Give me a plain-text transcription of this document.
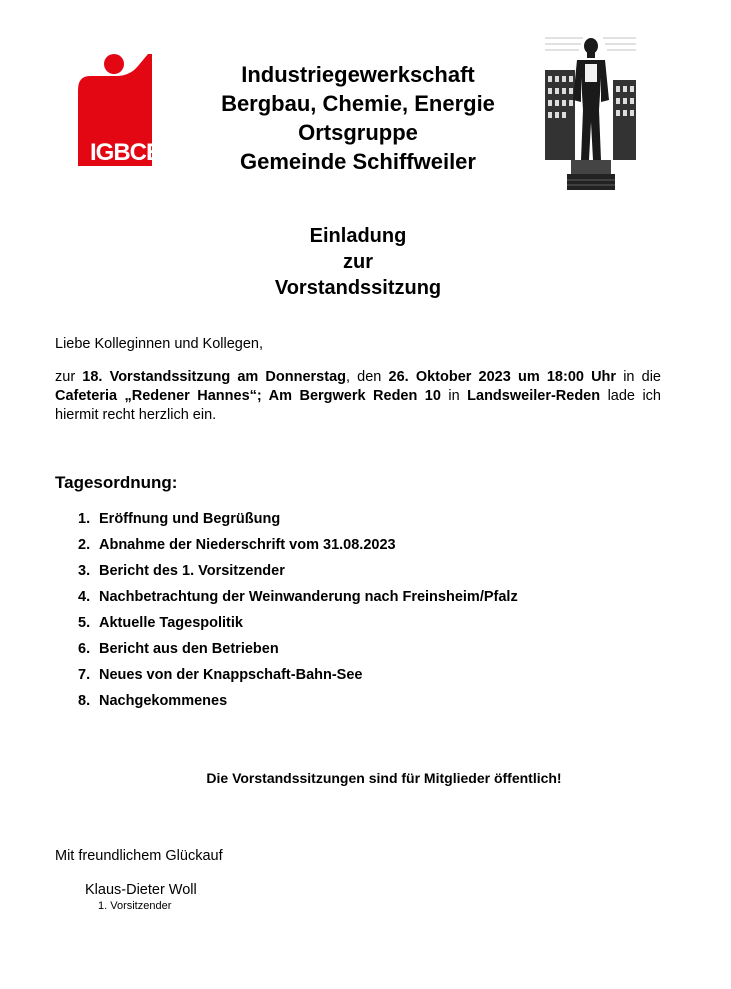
IGBCE
Industriegewerkschaft
Bergbau, Chemie, Energie
Ortsgruppe
Gemeinde Schiffweiler
Einladung
zur
Vorstandssitzung
Liebe Kolleginnen und Kollegen,
zur 18. Vorstandssitzung am Donnerstag, den 26. Oktober 2023 um 18:00 Uhr in die Cafeteria „Redener Hannes“; Am Bergwerk Reden 10 in Landsweiler-Reden lade ich hiermit recht herzlich ein.
Tagesordnung:
1. Eröffnung und Begrüßung
2. Abnahme der Niederschrift vom 31.08.2023
3. Bericht des 1. Vorsitzender
4. Nachbetrachtung der Weinwanderung nach Freinsheim/Pfalz
5. Aktuelle Tagespolitik
6. Bericht aus den Betrieben
7. Neues von der Knappschaft-Bahn-See
8. Nachgekommenes
Die Vorstandssitzungen sind für Mitglieder öffentlich!
Mit freundlichem Glückauf
Klaus-Dieter Woll
1. Vorsitzender
